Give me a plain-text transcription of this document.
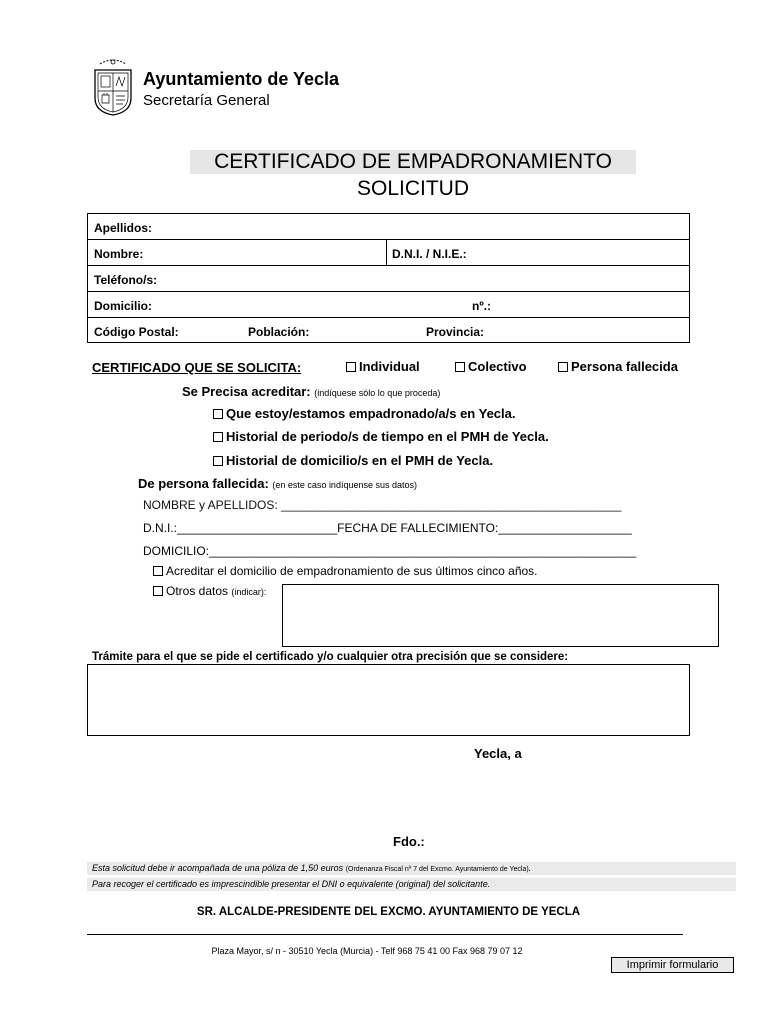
Ayuntamiento de Yecla
Secretaría General
CERTIFICADO DE EMPADRONAMIENTO
SOLICITUD
Apellidos:
Nombre:	D.N.I. / N.I.E.:
Teléfono/s:
Domicilio:	nº.:
Código Postal:	Población:	Provincia:
CERTIFICADO QUE SE SOLICITA:	Individual	Colectivo	Persona fallecida
Se Precisa acreditar: (indíquese sólo lo que proceda)
Que estoy/estamos empadronado/a/s en Yecla.
Historial de periodo/s de tiempo en el PMH de Yecla.
Historial de domicilio/s en el PMH de Yecla.
De persona fallecida: (en este caso indíquense sus datos)
NOMBRE y APELLIDOS: ___________________________________________________
D.N.I.:________________________FECHA DE FALLECIMIENTO:____________________
DOMICILIO:________________________________________________________________
Acreditar el domicilio de empadronamiento de sus últimos cinco años.
Otros datos (indicar):
Trámite para el que se pide el certificado y/o cualquier otra precisión que se considere:
Yecla, a
Fdo.:
Esta solicitud debe ir acompañada de una póliza de 1,50 euros (Ordenanza Fiscal nº 7 del Excmo. Ayuntamiento de Yecla).
Para recoger el certificado es imprescindible presentar el DNI o equivalente (original) del solicitante.
SR. ALCALDE-PRESIDENTE DEL EXCMO. AYUNTAMIENTO DE YECLA
Plaza Mayor, s/ n - 30510 Yecla (Murcia) - Telf 968 75 41 00 Fax 968 79 07 12
Imprimir formulario
